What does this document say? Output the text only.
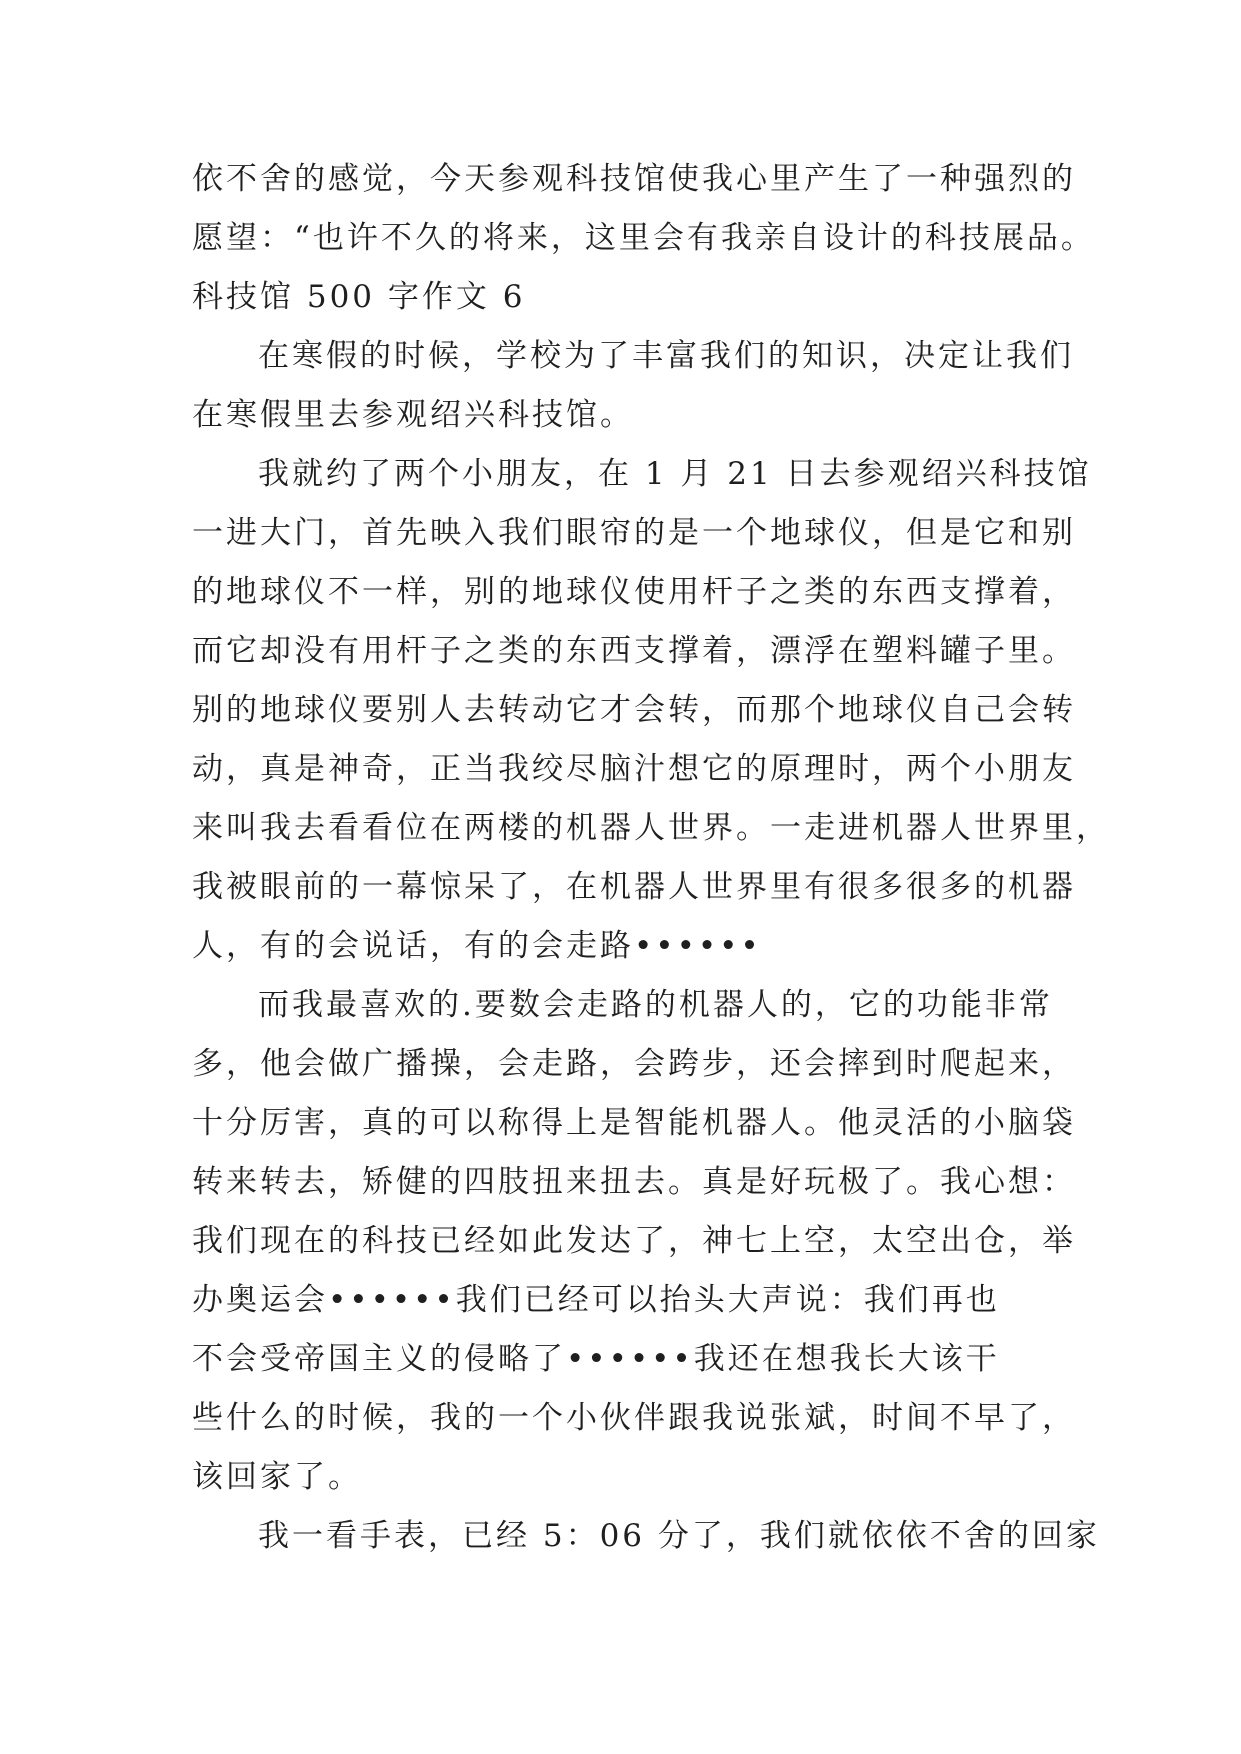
依不舍的感觉，今天参观科技馆使我心里产生了一种强烈的
愿望：“也许不久的将来，这里会有我亲自设计的科技展品。
科技馆 500 字作文 6
在寒假的时候，学校为了丰富我们的知识，决定让我们
在寒假里去参观绍兴科技馆。
我就约了两个小朋友，在 1 月 21 日去参观绍兴科技馆
一进大门，首先映入我们眼帘的是一个地球仪，但是它和别
的地球仪不一样，别的地球仪使用杆子之类的东西支撑着，
而它却没有用杆子之类的东西支撑着，漂浮在塑料罐子里。
别的地球仪要别人去转动它才会转，而那个地球仪自己会转
动，真是神奇，正当我绞尽脑汁想它的原理时，两个小朋友
来叫我去看看位在两楼的机器人世界。一走进机器人世界里，
我被眼前的一幕惊呆了，在机器人世界里有很多很多的机器
人，有的会说话，有的会走路••••••
而我最喜欢的.要数会走路的机器人的，它的功能非常
多，他会做广播操，会走路，会跨步，还会摔到时爬起来，
十分厉害，真的可以称得上是智能机器人。他灵活的小脑袋
转来转去，矫健的四肢扭来扭去。真是好玩极了。我心想：
我们现在的科技已经如此发达了，神七上空，太空出仓，举
办奥运会••••••我们已经可以抬头大声说：我们再也
不会受帝国主义的侵略了••••••我还在想我长大该干
些什么的时候，我的一个小伙伴跟我说张斌，时间不早了，
该回家了。
我一看手表，已经 5：06 分了，我们就依依不舍的回家
